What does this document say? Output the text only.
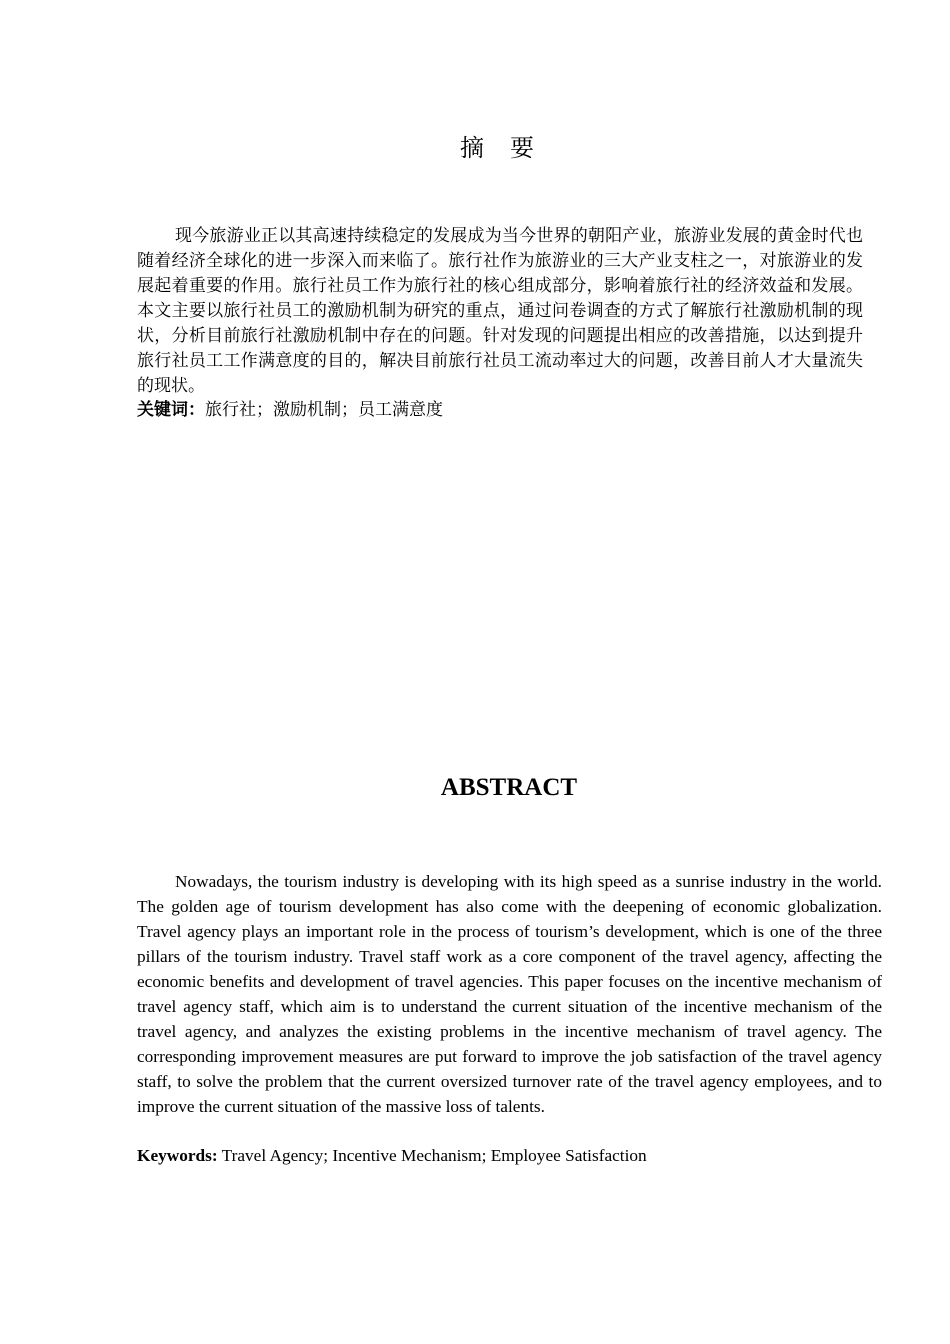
摘要
现今旅游业正以其高速持续稳定的发展成为当今世界的朝阳产业，旅游业发展的黄金时代也随着经济全球化的进一步深入而来临了。旅行社作为旅游业的三大产业支柱之一，对旅游业的发展起着重要的作用。旅行社员工作为旅行社的核心组成部分，影响着旅行社的经济效益和发展。本文主要以旅行社员工的激励机制为研究的重点，通过问卷调查的方式了解旅行社激励机制的现状，分析目前旅行社激励机制中存在的问题。针对发现的问题提出相应的改善措施，以达到提升旅行社员工工作满意度的目的，解决目前旅行社员工流动率过大的问题，改善目前人才大量流失的现状。
关键词：旅行社；激励机制；员工满意度
ABSTRACT
Nowadays, the tourism industry is developing with its high speed as a sunrise industry in the world. The golden age of tourism development has also come with the deepening of economic globalization. Travel agency plays an important role in the process of tourism’s development, which is one of the three pillars of the tourism industry. Travel staff work as a core component of the travel agency, affecting the economic benefits and development of travel agencies. This paper focuses on the incentive mechanism of travel agency staff, which aim is to understand the current situation of the incentive mechanism of the travel agency, and analyzes the existing problems in the incentive mechanism of travel agency. The corresponding improvement measures are put forward to improve the job satisfaction of the travel agency staff, to solve the problem that the current oversized turnover rate of the travel agency employees, and to improve the current situation of the massive loss of talents.
Keywords: Travel Agency; Incentive Mechanism; Employee Satisfaction
